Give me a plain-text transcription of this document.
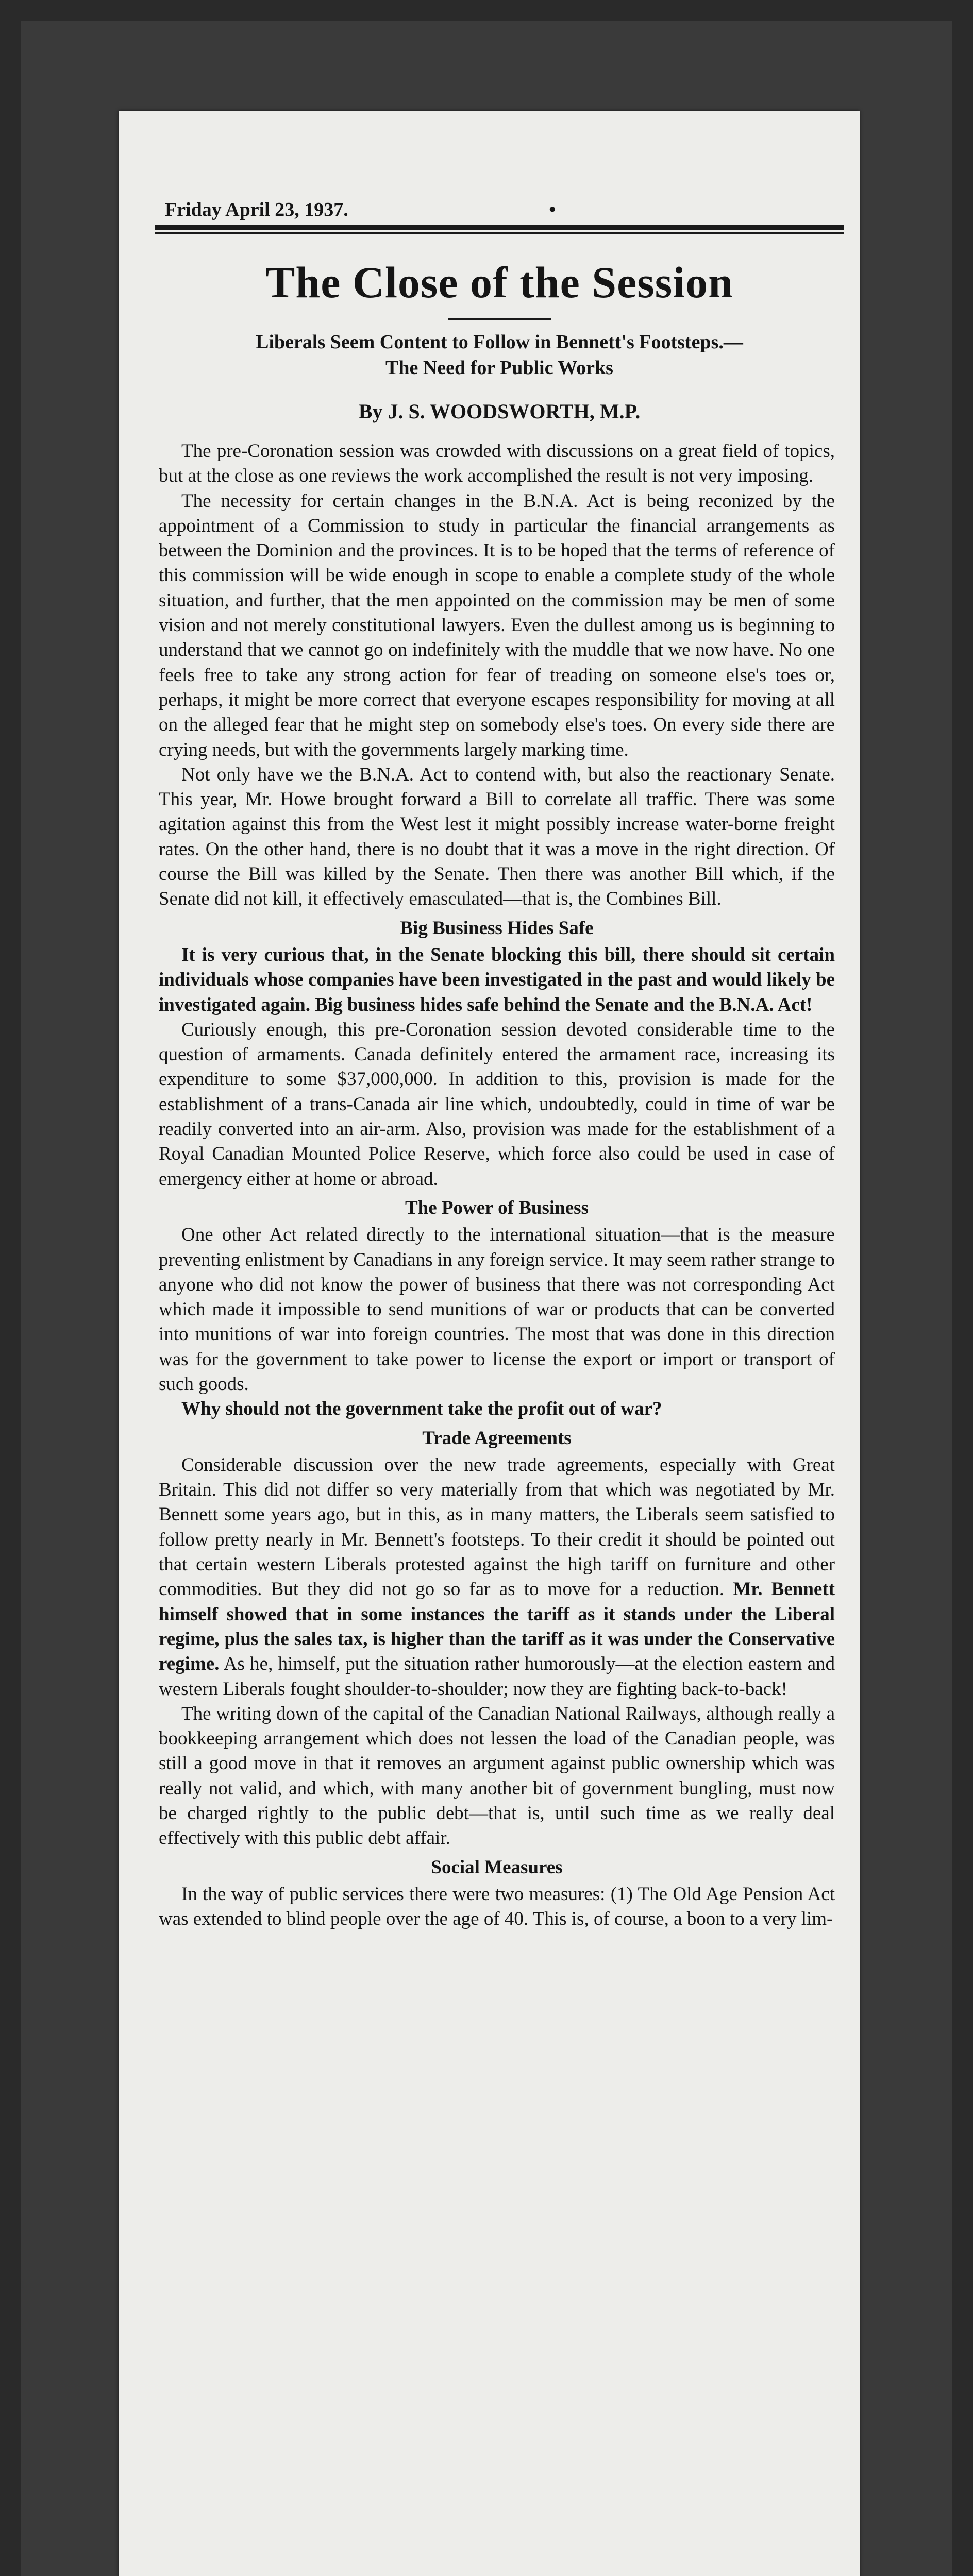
Friday April 23, 1937.	•
The Close of the Session
Liberals Seem Content to Follow in Bennett's Footsteps.—
The Need for Public Works
By J. S. WOODSWORTH, M.P.

The pre-Coronation session was crowded with discussions on a great field of topics, but at the close as one reviews the work accomplished the result is not very imposing.

The necessity for certain changes in the B.N.A. Act is being reconized by the appointment of a Commission to study in particular the financial arrangements as between the Dominion and the provinces. It is to be hoped that the terms of reference of this commission will be wide enough in scope to enable a complete study of the whole situation, and further, that the men appointed on the commission may be men of some vision and not merely constitutional lawyers. Even the dullest among us is beginning to understand that we cannot go on indefinitely with the muddle that we now have. No one feels free to take any strong action for fear of treading on someone else's toes or, perhaps, it might be more correct that everyone escapes responsibility for moving at all on the alleged fear that he might step on somebody else's toes. On every side there are crying needs, but with the governments largely marking time.

Not only have we the B.N.A. Act to contend with, but also the reactionary Senate. This year, Mr. Howe brought forward a Bill to correlate all traffic. There was some agitation against this from the West lest it might possibly increase water-borne freight rates. On the other hand, there is no doubt that it was a move in the right direction. Of course the Bill was killed by the Senate. Then there was another Bill which, if the Senate did not kill, it effectively emasculated—that is, the Combines Bill.

Big Business Hides Safe

It is very curious that, in the Senate blocking this bill, there should sit certain individuals whose companies have been investigated in the past and would likely be investigated again. Big business hides safe behind the Senate and the B.N.A. Act!

Curiously enough, this pre-Coronation session devoted considerable time to the question of armaments. Canada definitely entered the armament race, increasing its expenditure to some $37,000,000. In addition to this, provision is made for the establishment of a trans-Canada air line which, undoubtedly, could in time of war be readily converted into an air-arm. Also, provision was made for the establishment of a Royal Canadian Mounted Police Reserve, which force also could be used in case of emergency either at home or abroad.

The Power of Business

One other Act related directly to the international situation—that is the measure preventing enlistment by Canadians in any foreign service. It may seem rather strange to anyone who did not know the power of business that there was not corresponding Act which made it impossible to send munitions of war or products that can be converted into munitions of war into foreign countries. The most that was done in this direction was for the government to take power to license the export or import or transport of such goods.

Why should not the government take the profit out of war?

Trade Agreements

Considerable discussion over the new trade agreements, especially with Great Britain. This did not differ so very materially from that which was negotiated by Mr. Bennett some years ago, but in this, as in many matters, the Liberals seem satisfied to follow pretty nearly in Mr. Bennett's footsteps. To their credit it should be pointed out that certain western Liberals protested against the high tariff on furniture and other commodities. But they did not go so far as to move for a reduction. Mr. Bennett himself showed that in some instances the tariff as it stands under the Liberal regime, plus the sales tax, is higher than the tariff as it was under the Conservative regime. As he, himself, put the situation rather humorously—at the election eastern and western Liberals fought shoulder-to-shoulder; now they are fighting back-to-back!

The writing down of the capital of the Canadian National Railways, although really a bookkeeping arrangement which does not lessen the load of the Canadian people, was still a good move in that it removes an argument against public ownership which was really not valid, and which, with many another bit of government bungling, must now be charged rightly to the public debt—that is, until such time as we really deal effectively with this public debt affair.

Social Measures

In the way of public services there were two measures: (1) The Old Age Pension Act was extended to blind people over the age of 40. This is, of course, a boon to a very lim-
